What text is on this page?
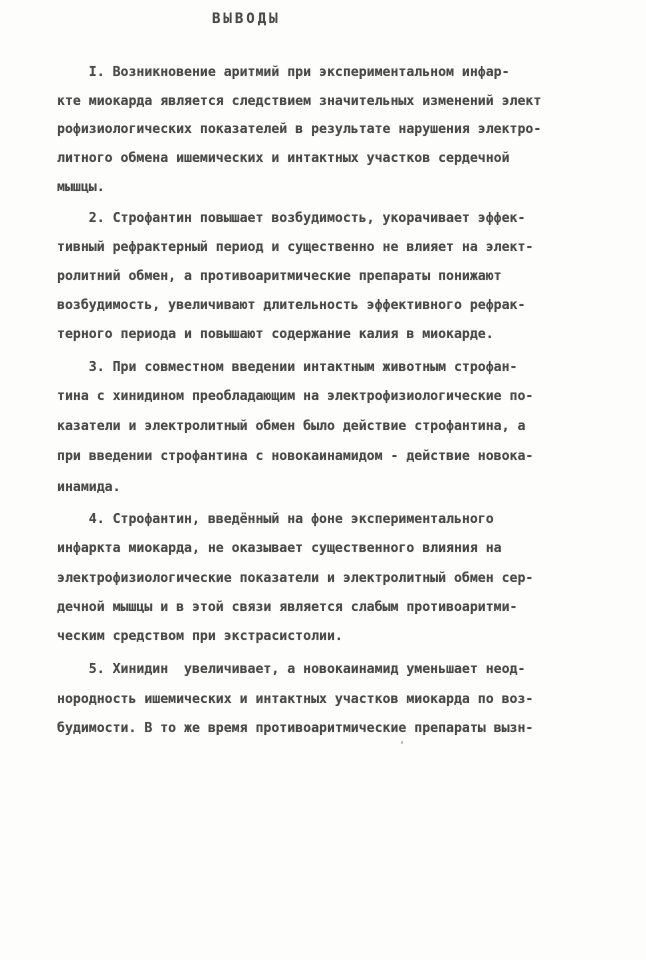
ВЫВОДЫ
I. Возникновение аритмий при экспериментальном инфар-
кте миокарда является следствием значительных изменений элект
рофизиологических показателей в результате нарушения электро-
литного обмена ишемических и интактных участков сердечной
мышцы.
2. Строфантин повышает возбудимость, укорачивает эффек-
тивный рефрактерный период и существенно не влияет на элект-
ролитний обмен, а противоаритмические препараты понижают
возбудимость, увеличивают длительность эффективного рефрак-
терного периода и повышают содержание калия в миокарде.
3. При совместном введении интактным животным строфан-
тина с хинидином преобладающим на электрофизиологические по-
казатели и электролитный обмен было действие строфантина, а
при введении строфантина с новокаинамидом - действие новока-
инамида.
4. Строфантин, введённый на фоне экспериментального
инфаркта миокарда, не оказывает существенного влияния на
электрофизиологические показатели и электролитный обмен сер-
дечной мышцы и в этой связи является слабым противоаритми-
ческим средством при экстрасистолии.
5. Хинидин  увеличивает, а новокаинамид уменьшает неод-
нородность ишемических и интактных участков миокарда по воз-
будимости. В то же время противоаритмические препараты вызн-
